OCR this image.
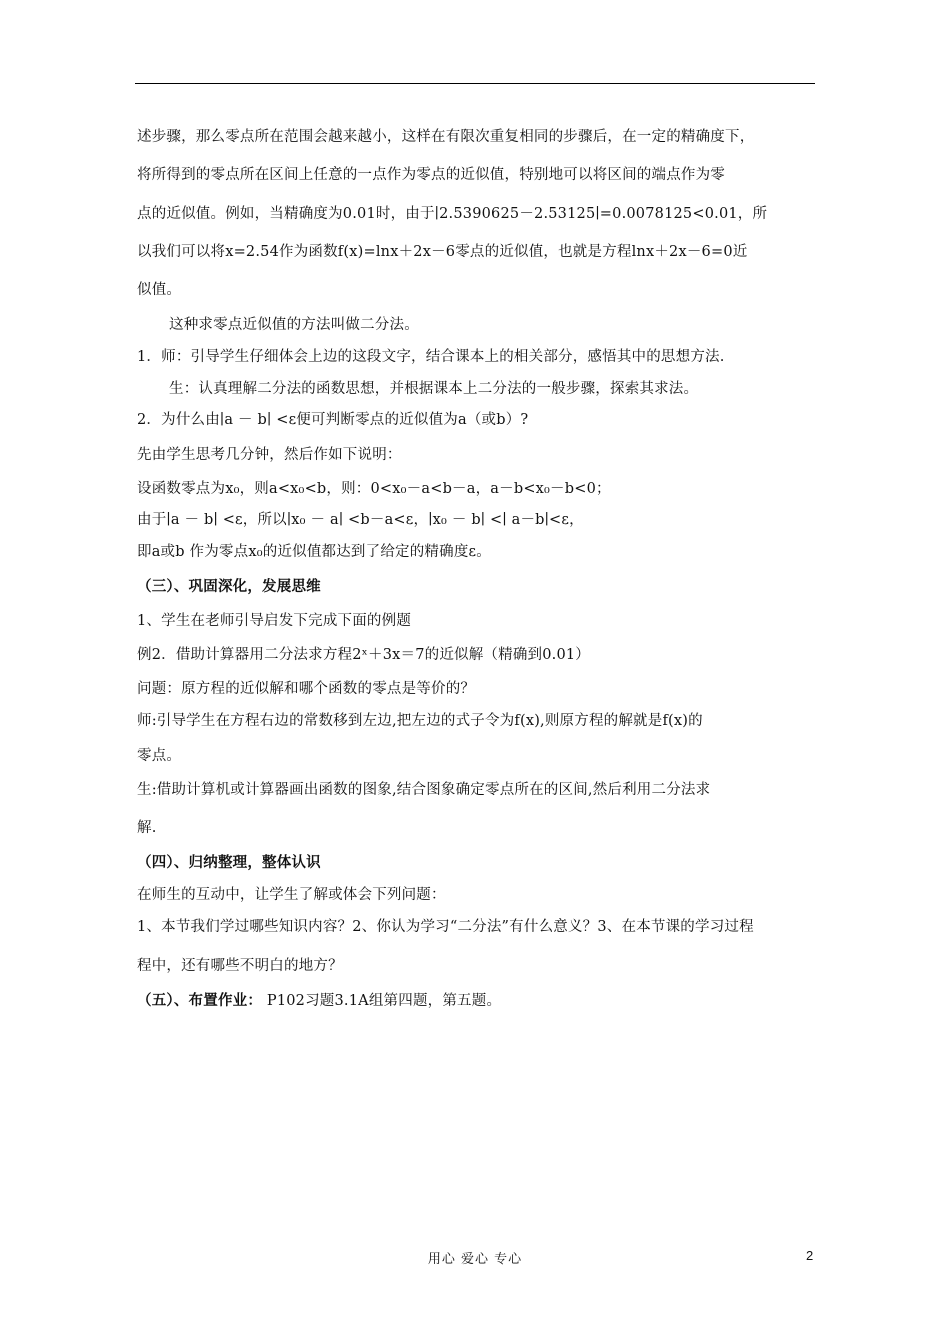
述步骤，那么零点所在范围会越来越小，这样在有限次重复相同的步骤后，在一定的精确度下，
将所得到的零点所在区间上任意的一点作为零点的近似值，特别地可以将区间的端点作为零
点的近似值。例如，当精确度为0.01时，由于∣2.5390625－2.53125∣=0.0078125<0.01，所
以我们可以将x=2.54作为函数f(x)=lnx＋2x－6零点的近似值，也就是方程lnx＋2x－6=0近
似值。
这种求零点近似值的方法叫做二分法。
1．师：引导学生仔细体会上边的这段文字，结合课本上的相关部分，感悟其中的思想方法.
生：认真理解二分法的函数思想，并根据课本上二分法的一般步骤，探索其求法。
2．为什么由∣a － b∣ <ε便可判断零点的近似值为a（或b）?
先由学生思考几分钟，然后作如下说明：
设函数零点为x₀，则a<x₀<b，则：0<x₀－a<b－a，a－b<x₀－b<0；
由于∣a － b∣ <ε，所以∣x₀ － a∣ <b－a<ε，∣x₀ － b∣ <∣ a－b∣<ε，
即a或b 作为零点x₀的近似值都达到了给定的精确度ε。
（三）、巩固深化，发展思维
1、学生在老师引导启发下完成下面的例题
例2．借助计算器用二分法求方程2ˣ＋3x＝7的近似解（精确到0.01）
问题：原方程的近似解和哪个函数的零点是等价的？
师:引导学生在方程右边的常数移到左边,把左边的式子令为f(x),则原方程的解就是f(x)的
零点。
生:借助计算机或计算器画出函数的图象,结合图象确定零点所在的区间,然后利用二分法求
解.
（四）、归纳整理，整体认识
在师生的互动中，让学生了解或体会下列问题：
1、本节我们学过哪些知识内容？2、你认为学习“二分法”有什么意义？3、在本节课的学习过程
程中，还有哪些不明白的地方？
（五）、布置作业： P102习题3.1A组第四题，第五题。
用心 爱心 专心	2
